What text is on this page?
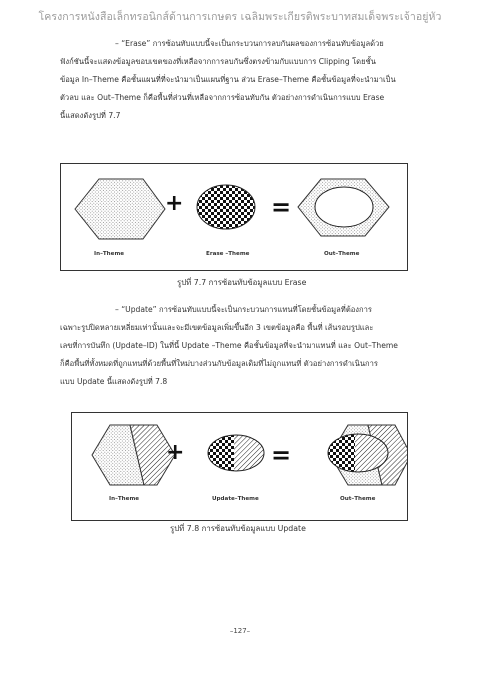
โครงการหนังสือเล็กทรอนิกส์ด้านการเกษตร เฉลิมพระเกียรติพระบาทสมเด็จพระเจ้าอยู่หัว
– “Erase” การซ้อนทับแบบนี้จะเป็นกระบวนการลบกันผลของการซ้อนทับข้อมูลด้วย
ฟังก์ชันนี้จะแสดงข้อมูลขอบเขตของที่เหลือจากการลบกันซึ่งตรงข้ามกับแบบการ Clipping โดยชั้น
ข้อมูล In–Theme คือชั้นแผนที่ที่จะนำมาเป็นแผนที่ฐาน ส่วน Erase–Theme คือชั้นข้อมูลที่จะนำมาเป็น
ตัวลบ และ Out–Theme ก็คือพื้นที่ส่วนที่เหลือจากการซ้อนทับกัน ตัวอย่างการดำเนินการแบบ Erase
นี้แสดงดังรูปที่ 7.7
+	=
In–Theme	Erase –Theme	Out–Theme
รูปที่ 7.7 การซ้อนทับข้อมูลแบบ Erase
– “Update” การซ้อนทับแบบนี้จะเป็นกระบวนการแทนที่โดยชั้นข้อมูลที่ต้องการ
เฉพาะรูปปิดหลายเหลี่ยมเท่านั้นและจะมีเขตข้อมูลเพิ่มขึ้นอีก 3 เขตข้อมูลคือ พื้นที่ เส้นรอบรูปและ
เลขที่การบันทึก (Update–ID) ในที่นี้ Update –Theme คือชั้นข้อมูลที่จะนำมาแทนที่ และ Out–Theme
ก็คือพื้นที่ทั้งหมดที่ถูกแทนที่ด้วยพื้นที่ใหม่บางส่วนกับข้อมูลเดิมที่ไม่ถูกแทนที่ ตัวอย่างการดำเนินการ
แบบ Update นี้แสดงดังรูปที่ 7.8
+	=
In–Theme	Update–Theme	Out–Theme
รูปที่ 7.8 การซ้อนทับข้อมูลแบบ Update
–127–
